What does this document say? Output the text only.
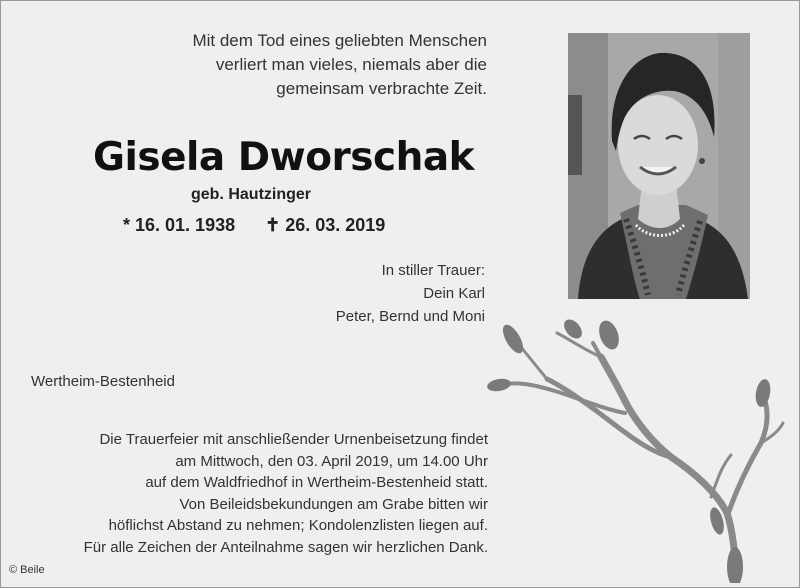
Mit dem Tod eines geliebten Menschen
verliert man vieles, niemals aber die
gemeinsam verbrachte Zeit.
Gisela Dworschak
geb. Hautzinger
* 16. 01. 1938 ✝ 26. 03. 2019
In stiller Trauer:
Dein Karl
Peter, Bernd und Moni
Wertheim-Bestenheid
Die Trauerfeier mit anschließender Urnenbeisetzung findet
am Mittwoch, den 03. April 2019, um 14.00 Uhr
auf dem Waldfriedhof in Wertheim-Bestenheid statt.
Von Beileidsbekundungen am Grabe bitten wir
höflichst Abstand zu nehmen; Kondolenzlisten liegen auf.
Für alle Zeichen der Anteilnahme sagen wir herzlichen Dank.
© Beile
